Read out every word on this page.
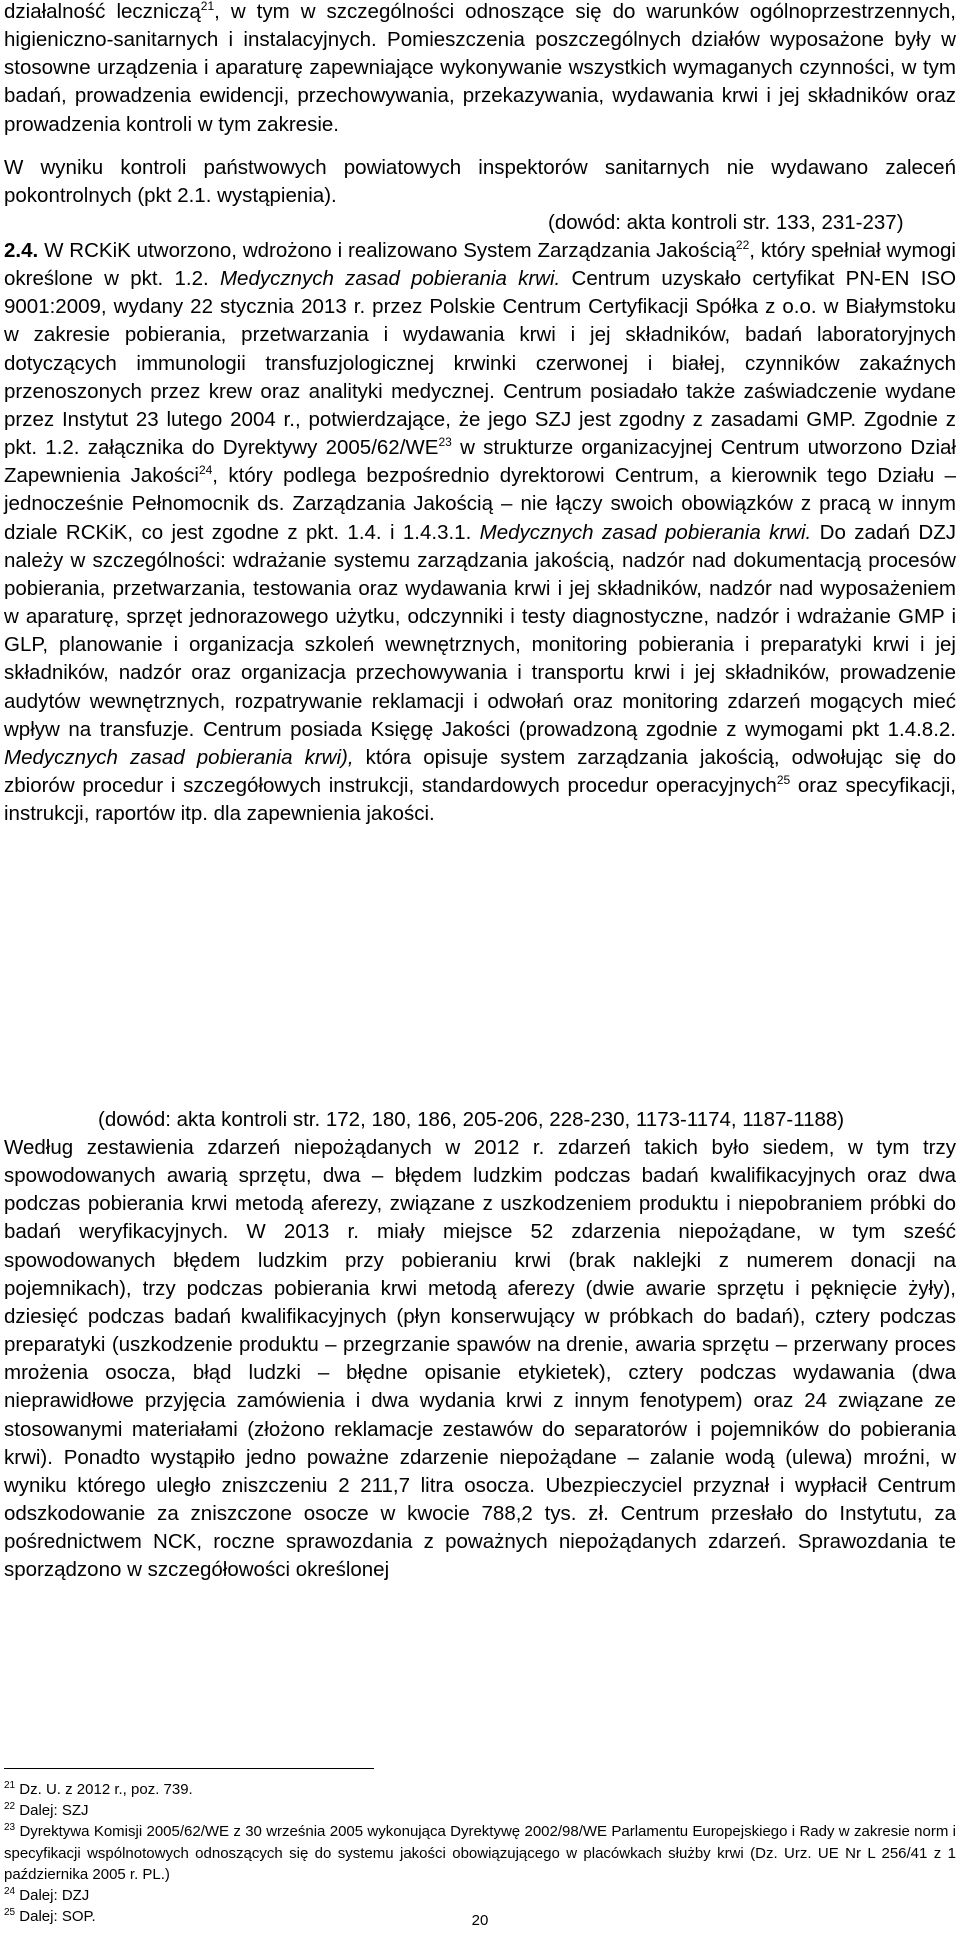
działalność leczniczą$^{21}$, w tym w szczególności odnoszące się do warunków ogólnoprzestrzennych, higieniczno-sanitarnych i instalacyjnych. Pomieszczenia poszczególnych działów wyposażone były w stosowne urządzenia i aparaturę zapewniające wykonywanie wszystkich wymaganych czynności, w tym badań, prowadzenia ewidencji, przechowywania, przekazywania, wydawania krwi i jej składników oraz prowadzenia kontroli w tym zakresie.

W wyniku kontroli państwowych powiatowych inspektorów sanitarnych nie wydawano zaleceń pokontrolnych (pkt 2.1. wystąpienia).

(dowód: akta kontroli str. 133, 231-237)

2.4. W RCKiK utworzono, wdrożono i realizowano System Zarządzania Jakością$^{22}$, który spełniał wymogi określone w pkt. 1.2. Medycznych zasad pobierania krwi. Centrum uzyskało certyfikat PN-EN ISO 9001:2009, wydany 22 stycznia 2013 r. przez Polskie Centrum Certyfikacji Spółka z o.o. w Białymstoku w zakresie pobierania, przetwarzania i wydawania krwi i jej składników, badań laboratoryjnych dotyczących immunologii transfuzjologicznej krwinki czerwonej i białej, czynników zakaźnych przenoszonych przez krew oraz analityki medycznej. Centrum posiadało także zaświadczenie wydane przez Instytut 23 lutego 2004 r., potwierdzające, że jego SZJ jest zgodny z zasadami GMP. Zgodnie z pkt. 1.2. załącznika do Dyrektywy 2005/62/WE$^{23}$ w strukturze organizacyjnej Centrum utworzono Dział Zapewnienia Jakości$^{24}$, który podlega bezpośrednio dyrektorowi Centrum, a kierownik tego Działu – jednocześnie Pełnomocnik ds. Zarządzania Jakością – nie łączy swoich obowiązków z pracą w innym dziale RCKiK, co jest zgodne z pkt. 1.4. i 1.4.3.1. Medycznych zasad pobierania krwi. Do zadań DZJ należy w szczególności: wdrażanie systemu zarządzania jakością, nadzór nad dokumentacją procesów pobierania, przetwarzania, testowania oraz wydawania krwi i jej składników, nadzór nad wyposażeniem w aparaturę, sprzęt jednorazowego użytku, odczynniki i testy diagnostyczne, nadzór i wdrażanie GMP i GLP, planowanie i organizacja szkoleń wewnętrznych, monitoring pobierania i preparatyki krwi i jej składników, nadzór oraz organizacja przechowywania i transportu krwi i jej składników, prowadzenie audytów wewnętrznych, rozpatrywanie reklamacji i odwołań oraz monitoring zdarzeń mogących mieć wpływ na transfuzje. Centrum posiada Księgę Jakości (prowadzoną zgodnie z wymogami pkt 1.4.8.2. Medycznych zasad pobierania krwi), która opisuje system zarządzania jakością, odwołując się do zbiorów procedur i szczegółowych instrukcji, standardowych procedur operacyjnych$^{25}$ oraz specyfikacji, instrukcji, raportów itp. dla zapewnienia jakości.

(dowód: akta kontroli str. 172, 180, 186, 205-206, 228-230, 1173-1174, 1187-1188)

Według zestawienia zdarzeń niepożądanych w 2012 r. zdarzeń takich było siedem, w tym trzy spowodowanych awarią sprzętu, dwa – błędem ludzkim podczas badań kwalifikacyjnych oraz dwa podczas pobierania krwi metodą aferezy, związane z uszkodzeniem produktu i niepobraniem próbki do badań weryfikacyjnych. W 2013 r. miały miejsce 52 zdarzenia niepożądane, w tym sześć spowodowanych błędem ludzkim przy pobieraniu krwi (brak naklejki z numerem donacji na pojemnikach), trzy podczas pobierania krwi metodą aferezy (dwie awarie sprzętu i pęknięcie żyły), dziesięć podczas badań kwalifikacyjnych (płyn konserwujący w próbkach do badań), cztery podczas preparatyki (uszkodzenie produktu – przegrzanie spawów na drenie, awaria sprzętu – przerwany proces mrożenia osocza, błąd ludzki – błędne opisanie etykietek), cztery podczas wydawania (dwa nieprawidłowe przyjęcia zamówienia i dwa wydania krwi z innym fenotypem) oraz 24 związane ze stosowanymi materiałami (złożono reklamacje zestawów do separatorów i pojemników do pobierania krwi). Ponadto wystąpiło jedno poważne zdarzenie niepożądane – zalanie wodą (ulewa) mroźni, w wyniku którego uległo zniszczeniu 2 211,7 litra osocza. Ubezpieczyciel przyznał i wypłacił Centrum odszkodowanie za zniszczone osocze w kwocie 788,2 tys. zł. Centrum przesłało do Instytutu, za pośrednictwem NCK, roczne sprawozdania z poważnych niepożądanych zdarzeń. Sprawozdania te sporządzono w szczegółowości określonej

$^{21}$ Dz. U. z 2012 r., poz. 739.

$^{22}$ Dalej: SZJ

$^{23}$ Dyrektywa Komisji 2005/62/WE z 30 września 2005 wykonująca Dyrektywę 2002/98/WE Parlamentu Europejskiego i Rady w zakresie norm i specyfikacji wspólnotowych odnoszących się do systemu jakości obowiązującego w placówkach służby krwi (Dz. Urz. UE Nr L 256/41 z 1 października 2005 r. PL.)

$^{24}$ Dalej: DZJ

$^{25}$ Dalej: SOP.	20
